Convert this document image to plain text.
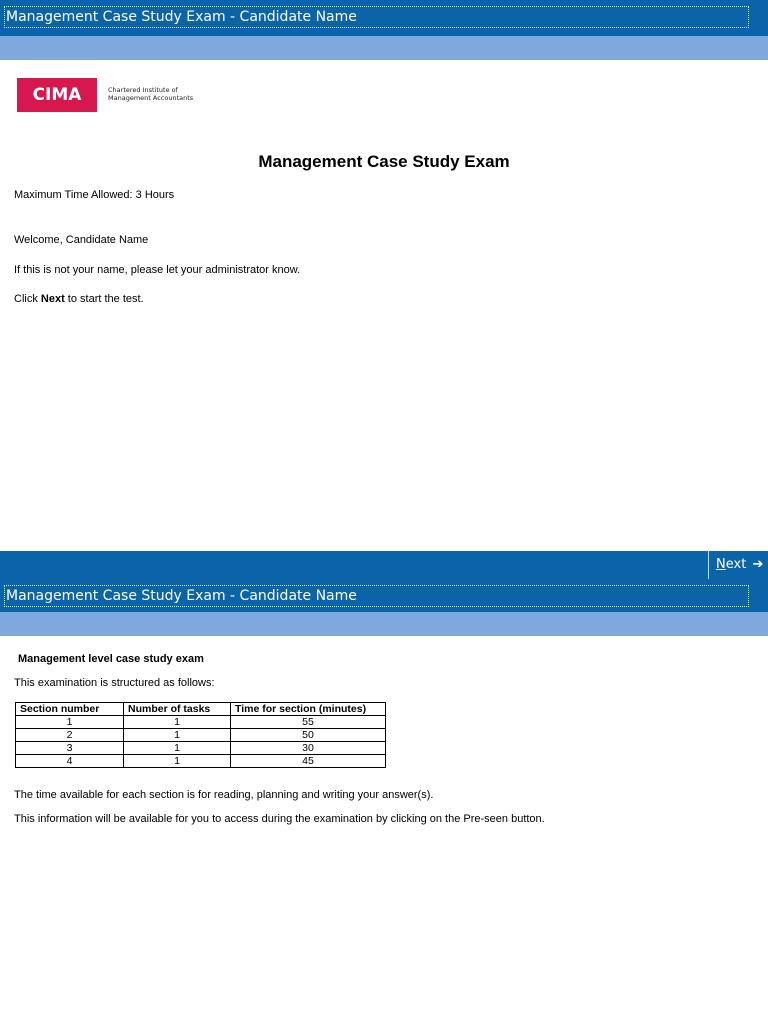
Management Case Study Exam - Candidate Name
CIMA	Chartered Institute of
Management Accountants
Management Case Study Exam
Maximum Time Allowed: 3 Hours
Welcome, Candidate Name
If this is not your name, please let your administrator know.
Click Next to start the test.
Next ➔
Management Case Study Exam - Candidate Name
Management level case study exam
This examination is structured as follows:
Section number	Number of tasks	Time for section (minutes)
1	1	55
2	1	50
3	1	30
4	1	45
The time available for each section is for reading, planning and writing your answer(s).
This information will be available for you to access during the examination by clicking on the Pre-seen button.
